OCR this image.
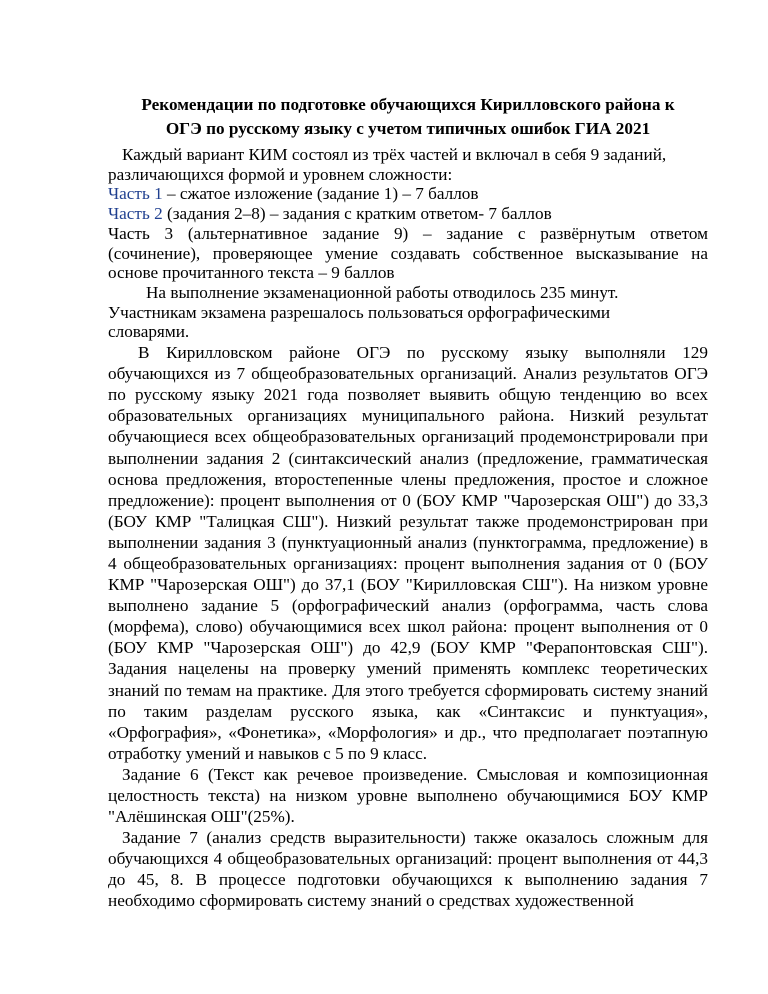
Рекомендации по подготовке обучающихся Кирилловского района к
ОГЭ по русскому языку с учетом типичных ошибок ГИА 2021

Каждый вариант КИМ состоял из трёх частей и включал в себя 9 заданий, различающихся формой и уровнем сложности:

Часть 1 – сжатое изложение (задание 1) – 7 баллов

Часть 2 (задания 2–8) – задания с кратким ответом- 7 баллов

Часть 3 (альтернативное задание 9) – задание с развёрнутым ответом (сочинение), проверяющее умение создавать собственное высказывание на основе прочитанного текста – 9 баллов

На выполнение экзаменационной работы отводилось 235 минут.

Участникам экзамена разрешалось пользоваться орфографическими

словарями.

В Кирилловском районе ОГЭ по русскому языку выполняли 129 обучающихся из 7 общеобразовательных организаций. Анализ результатов ОГЭ по русскому языку 2021 года позволяет выявить общую тенденцию во всех образовательных организациях муниципального района. Низкий результат обучающиеся всех общеобразовательных организаций продемонстрировали при выполнении задания 2 (синтаксический анализ (предложение, грамматическая основа предложения, второстепенные члены предложения, простое и сложное предложение): процент выполнения от 0 (БОУ КМР "Чарозерская ОШ") до 33,3 (БОУ КМР "Талицкая СШ"). Низкий результат также продемонстрирован при выполнении задания 3 (пунктуационный анализ (пунктограмма, предложение) в 4 общеобразовательных организациях: процент выполнения задания от 0 (БОУ КМР "Чарозерская ОШ") до 37,1 (БОУ "Кирилловская СШ"). На низком уровне выполнено задание 5 (орфографический анализ (орфограмма, часть слова (морфема), слово) обучающимися всех школ района: процент выполнения от 0 (БОУ КМР "Чарозерская ОШ") до 42,9 (БОУ КМР "Ферапонтовская СШ"). Задания нацелены на проверку умений применять комплекс теоретических знаний по темам на практике. Для этого требуется сформировать систему знаний по таким разделам русского языка, как «Синтаксис и пунктуация», «Орфография», «Фонетика», «Морфология» и др., что предполагает поэтапную отработку умений и навыков с 5 по 9 класс.

Задание 6 (Текст как речевое произведение. Смысловая и композиционная целостность текста) на низком уровне выполнено обучающимися БОУ КМР "Алёшинская ОШ"(25%).

Задание 7 (анализ средств выразительности) также оказалось сложным для обучающихся 4 общеобразовательных организаций: процент выполнения от 44,3 до 45, 8. В процессе подготовки обучающихся к выполнению задания 7 необходимо сформировать систему знаний о средствах художественной
